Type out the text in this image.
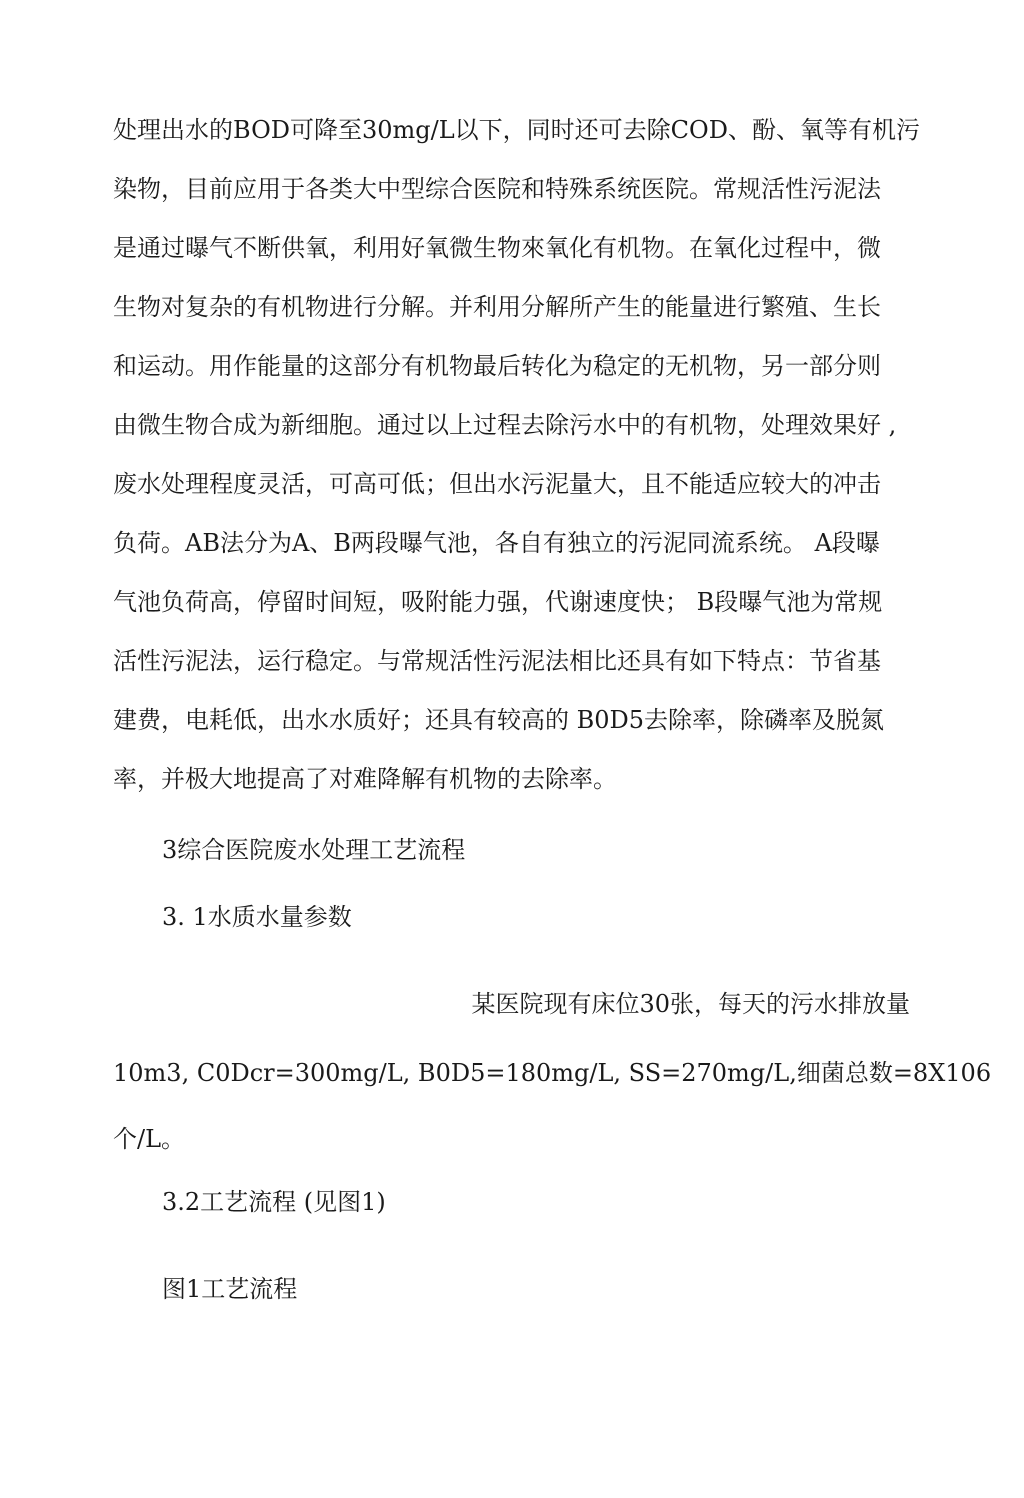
处理出水的BOD可降至30mg/L以下，同时还可去除COD、酚、氧等有机污
染物，目前应用于各类大中型综合医院和特殊系统医院。常规活性污泥法
是通过曝气不断供氧，利用好氧微生物來氧化有机物。在氧化过程中，微
生物对复杂的有机物进行分解。并利用分解所产生的能量进行繁殖、生长
和运动。用作能量的这部分有机物最后转化为稳定的无机物，另一部分则
由微生物合成为新细胞。通过以上过程去除污水中的有机物，处理效果好 ,
废水处理程度灵活，可高可低；但出水污泥量大，且不能适应较大的冲击
负荷。AB法分为A、B两段曝气池，各自有独立的污泥同流系统。 A段曝
气池负荷高，停留时间短，吸附能力强，代谢速度快； B段曝气池为常规
活性污泥法，运行稳定。与常规活性污泥法相比还具有如下特点：节省基
建费，电耗低，出水水质好；还具有较高的 B0D5去除率，除磷率及脱氮
率，并极大地提高了对难降解有机物的去除率。
3综合医院废水处理工艺流程
3. 1水质水量参数
某医院现有床位30张，每天的污水排放量
10m3, C0Dcr=300mg/L, B0D5=180mg/L, SS=270mg/L,细菌总数=8X106
个/L。
3.2工艺流程 (见图1)
图1工艺流程
